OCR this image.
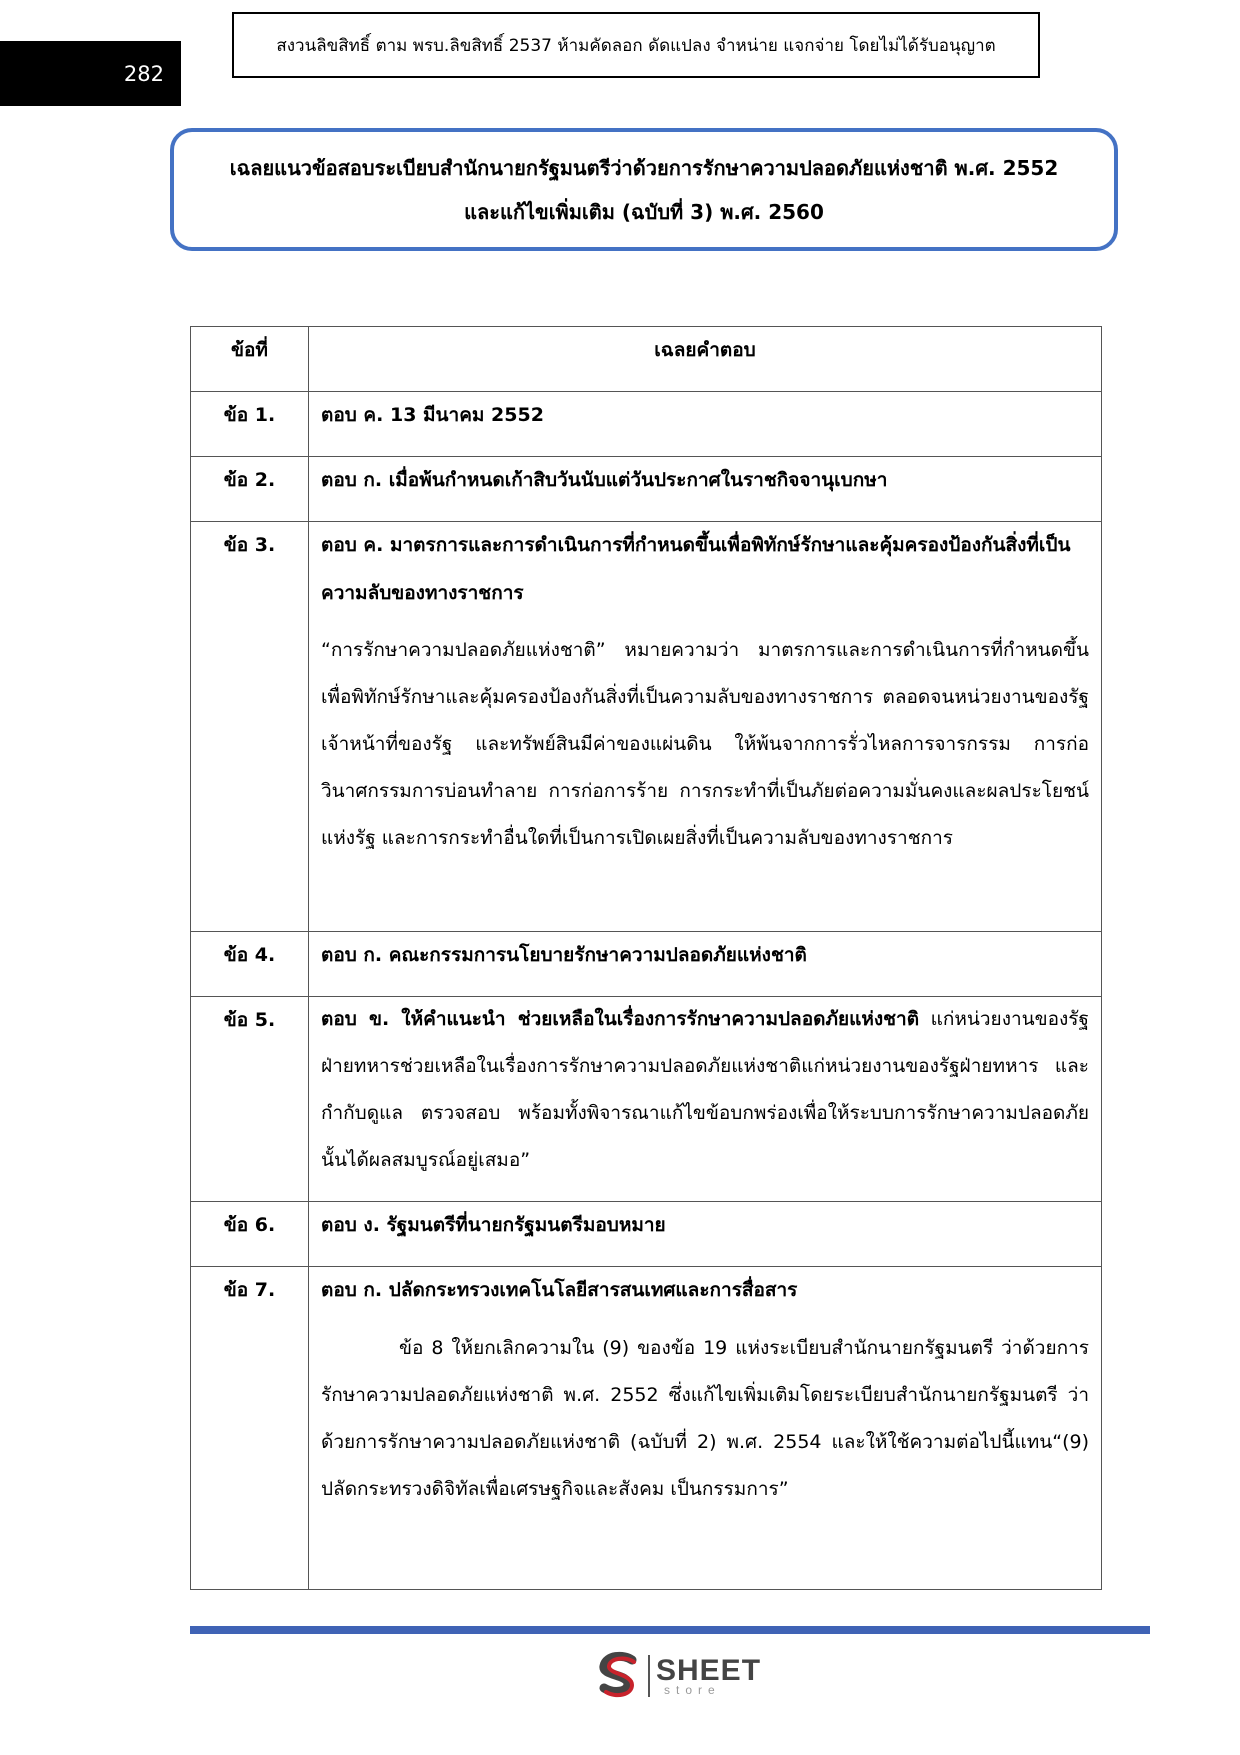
282
สงวนลิขสิทธิ์ ตาม พรบ.ลิขสิทธิ์ 2537 ห้ามคัดลอก ดัดแปลง จำหน่าย แจกจ่าย โดยไม่ได้รับอนุญาต
เฉลยแนวข้อสอบระเบียบสำนักนายกรัฐมนตรีว่าด้วยการรักษาความปลอดภัยแห่งชาติ พ.ศ. 2552
และแก้ไขเพิ่มเติม (ฉบับที่ 3) พ.ศ. 2560
ข้อที่	เฉลยคำตอบ
ข้อ 1.	ตอบ ค. 13 มีนาคม 2552

ข้อ 2.	ตอบ ก. เมื่อพ้นกำหนดเก้าสิบวันนับแต่วันประกาศในราชกิจจานุเบกษา

ข้อ 3.	ตอบ ค. มาตรการและการดำเนินการที่กำหนดขึ้นเพื่อพิทักษ์รักษาและคุ้มครองป้องกันสิ่งที่เป็นความลับของทางราชการ
“การรักษาความปลอดภัยแห่งชาติ” หมายความว่า มาตรการและการดำเนินการที่กำหนดขึ้นเพื่อพิทักษ์รักษาและคุ้มครองป้องกันสิ่งที่เป็นความลับของทางราชการ ตลอดจนหน่วยงานของรัฐ เจ้าหน้าที่ของรัฐ และทรัพย์สินมีค่าของแผ่นดิน ให้พ้นจากการรั่วไหลการจารกรรม การก่อวินาศกรรมการบ่อนทำลาย การก่อการร้าย การกระทำที่เป็นภัยต่อความมั่นคงและผลประโยชน์แห่งรัฐ และการกระทำอื่นใดที่เป็นการเปิดเผยสิ่งที่เป็นความลับของทางราชการ

ข้อ 4.	ตอบ ก. คณะกรรมการนโยบายรักษาความปลอดภัยแห่งชาติ

ข้อ 5.	ตอบ ข. ให้คำแนะนำ ช่วยเหลือในเรื่องการรักษาความปลอดภัยแห่งชาติ แก่หน่วยงานของรัฐฝ่ายทหารช่วยเหลือในเรื่องการรักษาความปลอดภัยแห่งชาติแก่หน่วยงานของรัฐฝ่ายทหาร และกำกับดูแล ตรวจสอบ พร้อมทั้งพิจารณาแก้ไขข้อบกพร่องเพื่อให้ระบบการรักษาความปลอดภัยนั้นได้ผลสมบูรณ์อยู่เสมอ”

ข้อ 6.	ตอบ ง. รัฐมนตรีที่นายกรัฐมนตรีมอบหมาย

ข้อ 7.	ตอบ ก. ปลัดกระทรวงเทคโนโลยีสารสนเทศและการสื่อสาร
ข้อ 8 ให้ยกเลิกความใน (9) ของข้อ 19 แห่งระเบียบสำนักนายกรัฐมนตรี ว่าด้วยการรักษาความปลอดภัยแห่งชาติ พ.ศ. 2552 ซึ่งแก้ไขเพิ่มเติมโดยระเบียบสำนักนายกรัฐมนตรี ว่าด้วยการรักษาความปลอดภัยแห่งชาติ (ฉบับที่ 2) พ.ศ. 2554 และให้ใช้ความต่อไปนี้แทน“(9) ปลัดกระทรวงดิจิทัลเพื่อเศรษฐกิจและสังคม เป็นกรรมการ”
SHEET
store
